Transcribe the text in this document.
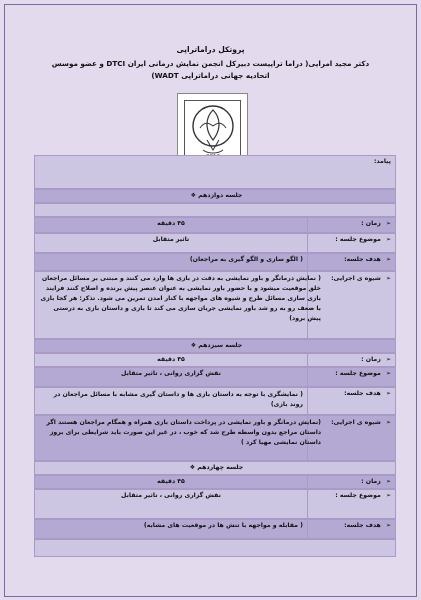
پروتکل دراماتراپی
دکتر مجید امرایی( دراما تراپیست دبیرکل انجمن نمایش درمانی ایران DTCI و عضو موسس
اتحادیه جهانی دراماتراپی WADT)
پیامد:
جلسه دوازدهم ❖
➢ زمان :
۴۵ دقیقه
➢ موضوع جلسه :
تاثیر متقابل
➢ هدف جلسه:
( الگو سازی و الگو گیری به مراجعان)
➢ شیوه ی اجرایی:
( نمایش درمانگر و باور نمایشی به دقت در بازی ها وارد می کنند و مبتنی بر مسائل مراجعان خلق موقعیت میشود و با حضور باور نمایشی به عنوان عنصر پیش برنده و اصلاح کنند فرایند بازی سازی مسائل طرح و شیوه های مواجهه با کنار امدن تمرین می شود. تذکر: هر کجا بازی با ضعف رو به رو شد باور نمایشی جریان سازی می کند تا بازی و داستان بازی به درستی پیش برود)
جلسه سیزدهم ❖
➢ زمان :
۴۵ دقیقه
➢ موضوع جلسه :
نقش گزاری روانی ، تاثیر متقابل
➢ هدف جلسه:
( نمایشگری با توجه به داستان بازی ها و داستان گیری مشابه با مسائل مراجعان در روند بازی)
➢ شیوه ی اجرایی:
(نمایش درمانگر و باور نمایشی در پرداخت داستان بازی همراه و همگام مراجعان هستند اگر داستان مراجع بدون واسطه طرح شد که خوب ، در غیر این صورت باید شرایطی برای بروز داستان نمایشی مهیا کرد )
جلسه چهاردهم ❖
➢ زمان :
۴۵ دقیقه
➢ موضوع جلسه :
نقش گزاری روانی ، تاثیر متقابل
➢ هدف جلسه:
( مقابله و مواجهه با تنش ها در موقعیت های مشابه)
